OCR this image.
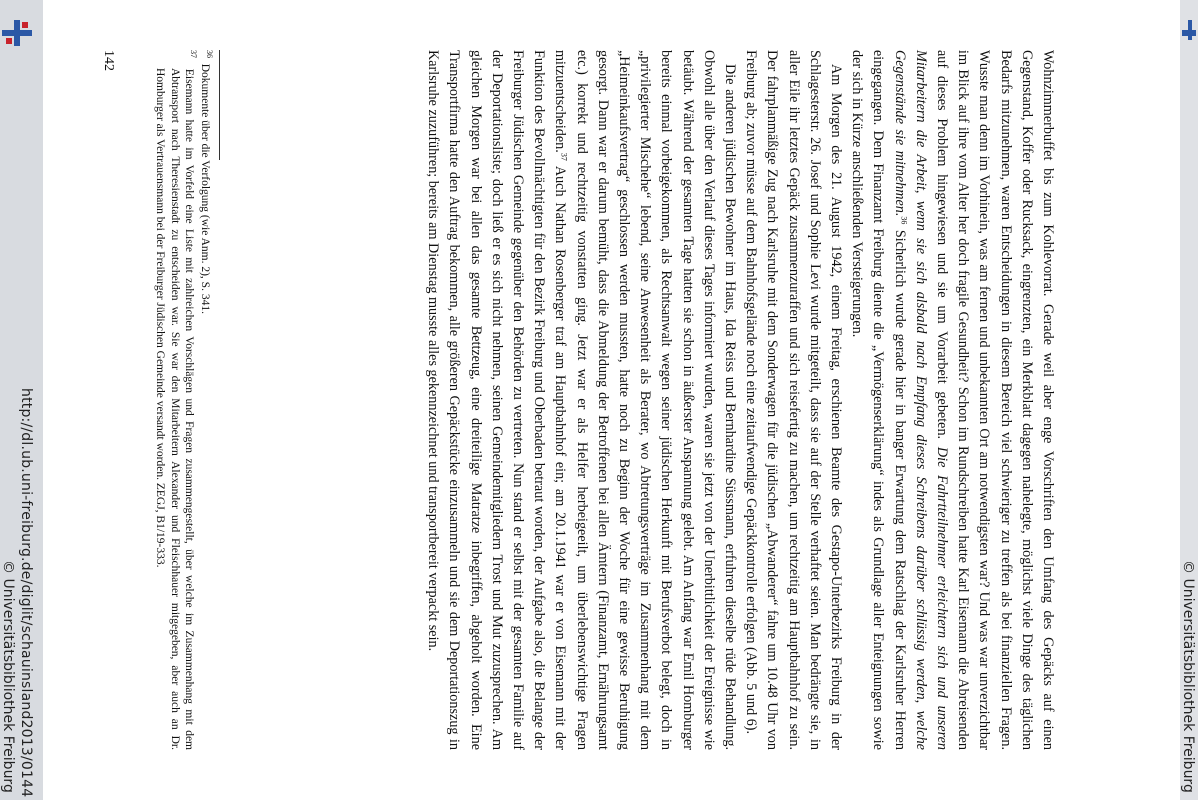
Wohnzimmerbuffet bis zum Kohlevorrat. Gerade weil aber enge Vorschriften den Umfang des Gepäcks auf einen Gegenstand, Koffer oder Rucksack, eingrenzten, ein Merkblatt dagegen nahelegte, möglichst viele Dinge des täglichen Bedarfs mitzunehmen, waren Entscheidungen in diesem Bereich viel schwieriger zu treffen als bei finanziellen Fragen. Wusste man denn im Vorhinein, was am fernen und unbekannten Ort am notwendigsten war? Und was war unverzichtbar im Blick auf ihre vom Alter her doch fragile Gesundheit? Schon im Rundschreiben hatte Karl Eisemann die Abreisenden auf dieses Problem hingewiesen und sie um Vorarbeit gebeten. Die Fahrtteilnehmer erleichtern sich und unseren Mitarbeitern die Arbeit, wenn sie sich alsbald nach Empfang dieses Schreibens darüber schlüssig werden, welche Gegenstände sie mitnehmen.$^{36}$ Sicherlich wurde gerade hier in banger Erwartung dem Ratschlag der Karlsruher Herren eingegangen. Dem Finanzamt Freiburg diente die „Vermögenserklärung“ indes als Grundlage aller Enteignungen sowie der sich in Kürze anschließenden Versteigerungen.

Am Morgen des 21. August 1942, einem Freitag, erschienen Beamte des Gestapo-Unterbezirks Freiburg in der Schlagesterstr. 26. Josef und Sophie Levi wurde mitgeteilt, dass sie auf der Stelle verhaftet seien. Man bedrängte sie, in aller Eile ihr letztes Gepäck zusammenzuraffen und sich reisefertig zu machen, um rechtzeitig am Hauptbahnhof zu sein. Der fahrplanmäßige Zug nach Karlsruhe mit dem Sonderwagen für die jüdischen „Abwanderer“ fahre um 10.48 Uhr von Freiburg ab; zuvor müsse auf dem Bahnhofsgelände noch eine zeitaufwendige Gepäckkontrolle erfolgen (Abb. 5 und 6).

Die anderen jüdischen Bewohner im Haus, Ida Reiss und Bernhardine Süssmann, erfuhren dieselbe rüde Behandlung. Obwohl alle über den Verlauf dieses Tages informiert wurden, waren sie jetzt von der Unerbittlichkeit der Ereignisse wie betäubt. Während der gesamten Tage hatten sie schon in äußerster Anspannung gelebt. Am Anfang war Emil Homburger bereits einmal vorbeigekommen, als Rechtsanwalt wegen seiner jüdischen Herkunft mit Berufsverbot belegt, doch in „privilegierter Mischehe“ lebend, seine Anwesenheit als Berater, wo Abtretungsverträge im Zusammenhang mit dem „Heimeinkaufsvertrag“ geschlossen werden mussten, hatte noch zu Beginn der Woche für eine gewisse Beruhigung gesorgt. Dann war er darum bemüht, dass die Abmeldung der Betroffenen bei allen Ämtern (Finanzamt, Ernährungsamt etc.) korrekt und rechtzeitig vonstatten ging. Jetzt war er als Helfer herbeigeeilt, um überlebenswichtige Fragen mitzuentscheiden.$^{37}$ Auch Nathan Rosenberger traf am Hauptbahnhof ein; am 20.1.1941 war er von Eisemann mit der Funktion des Bevollmächtigten für den Bezirk Freiburg und Oberbaden betraut worden, der Aufgabe also, die Belange der Freiburger Jüdischen Gemeinde gegenüber den Behörden zu vertreten. Nun stand er selbst mit der gesamten Familie auf der Deportationsliste; doch ließ er es sich nicht nehmen, seinen Gemeindemitgliedern Trost und Mut zuzusprechen. Am gleichen Morgen war bei allen das gesamte Bettzeug, eine dreiteilige Matratze inbegriffen, abgeholt worden. Eine Transportfirma hatte den Auftrag bekommen, alle größeren Gepäckstücke einzusammeln und sie dem Deportationszug in Karlsruhe zuzuführen; bereits am Dienstag musste alles gekennzeichnet und transportbereit verpackt sein.

$^{36}$  Dokumente über die Verfolgung (wie Anm. 2), S. 341.

$^{37}$  Eisemann hatte im Vorfeld eine Liste mit zahlreichen Vorschlägen und Fragen zusammengestellt, über welche im Zusammenhang mit dem Abtransport nach Theresienstadt zu entscheiden war. Sie war den Mitarbeitern Alexander und Fleischhauer mitgegeben, aber auch an Dr. Homburger als Vertrauensmann bei der Freiburger Jüdischen Gemeinde versandt worden. ZEGJ, B1/19-333.

142
http://dl.ub.uni-freiburg.de/diglit/schauinsland2013/0144
© Universitätsbibliothek Freiburg	© Universitätsbibliothek Freiburg
